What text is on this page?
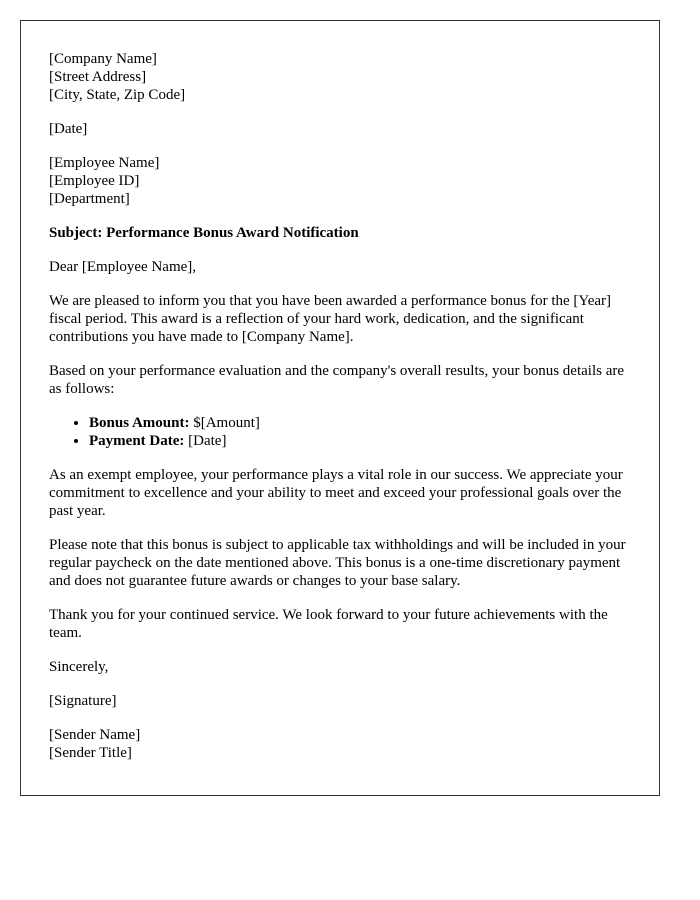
[Company Name]
[Street Address]
[City, State, Zip Code]
[Date]
[Employee Name]
[Employee ID]
[Department]

Subject: Performance Bonus Award Notification

Dear [Employee Name],

We are pleased to inform you that you have been awarded a performance bonus for the [Year] fiscal period. This award is a reflection of your hard work, dedication, and the significant contributions you have made to [Company Name].

Based on your performance evaluation and the company's overall results, your bonus details are as follows:

• Bonus Amount: $[Amount]
• Payment Date: [Date]

As an exempt employee, your performance plays a vital role in our success. We appreciate your commitment to excellence and your ability to meet and exceed your professional goals over the past year.

Please note that this bonus is subject to applicable tax withholdings and will be included in your regular paycheck on the date mentioned above. This bonus is a one-time discretionary payment and does not guarantee future awards or changes to your base salary.

Thank you for your continued service. We look forward to your future achievements with the team.

Sincerely,

[Signature]

[Sender Name]
[Sender Title]
